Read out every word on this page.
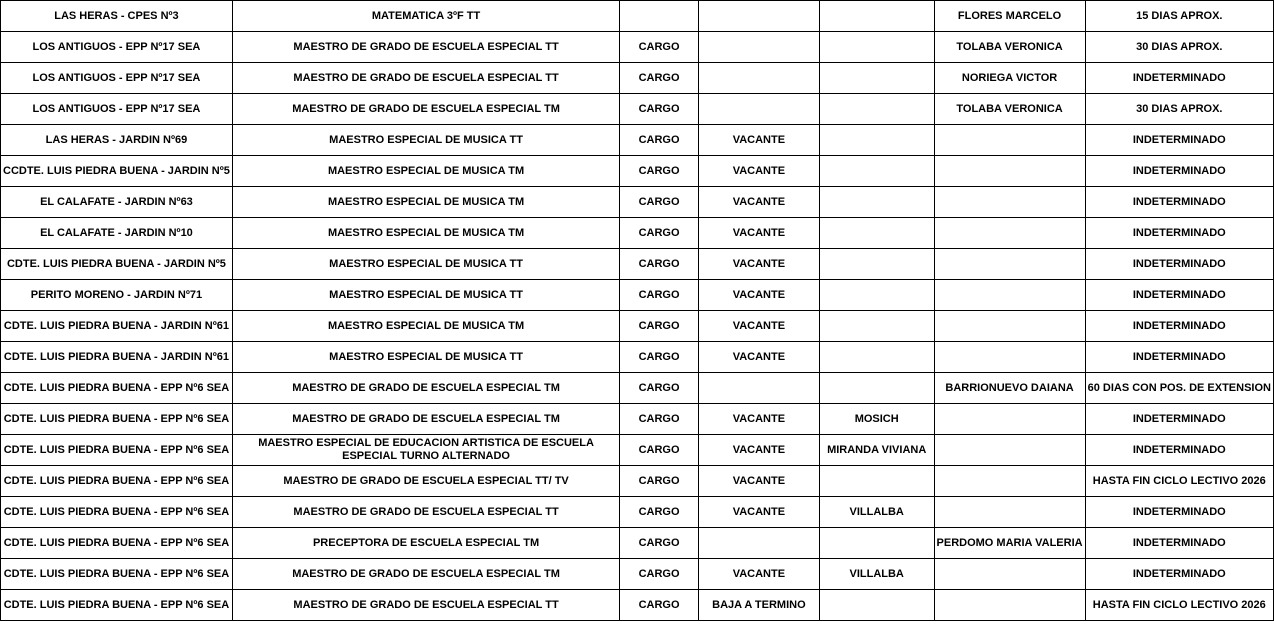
LAS HERAS - CPES Nº3	MATEMATICA 3ºF TT				FLORES MARCELO	15 DIAS APROX.
LOS ANTIGUOS - EPP Nº17 SEA	MAESTRO DE GRADO DE ESCUELA ESPECIAL TT	CARGO			TOLABA VERONICA	30 DIAS APROX.
LOS ANTIGUOS - EPP Nº17 SEA	MAESTRO DE GRADO DE ESCUELA ESPECIAL TT	CARGO			NORIEGA VICTOR	INDETERMINADO
LOS ANTIGUOS - EPP Nº17 SEA	MAESTRO DE GRADO DE ESCUELA ESPECIAL TM	CARGO			TOLABA VERONICA	30 DIAS APROX.
LAS HERAS - JARDIN Nº69	MAESTRO ESPECIAL DE MUSICA TT	CARGO	VACANTE			INDETERMINADO
CCDTE. LUIS PIEDRA BUENA - JARDIN Nº5	MAESTRO ESPECIAL DE MUSICA TM	CARGO	VACANTE			INDETERMINADO
EL CALAFATE - JARDIN Nº63	MAESTRO ESPECIAL DE MUSICA TM	CARGO	VACANTE			INDETERMINADO
EL CALAFATE - JARDIN Nº10	MAESTRO ESPECIAL DE MUSICA TM	CARGO	VACANTE			INDETERMINADO
CDTE. LUIS PIEDRA BUENA - JARDIN Nº5	MAESTRO ESPECIAL DE MUSICA TT	CARGO	VACANTE			INDETERMINADO
PERITO MORENO - JARDIN Nº71	MAESTRO ESPECIAL DE MUSICA TT	CARGO	VACANTE			INDETERMINADO
CDTE. LUIS PIEDRA BUENA - JARDIN Nº61	MAESTRO ESPECIAL DE MUSICA TM	CARGO	VACANTE			INDETERMINADO
CDTE. LUIS PIEDRA BUENA - JARDIN Nº61	MAESTRO ESPECIAL DE MUSICA TT	CARGO	VACANTE			INDETERMINADO
CDTE. LUIS PIEDRA BUENA - EPP Nº6 SEA	MAESTRO DE GRADO DE ESCUELA ESPECIAL TM	CARGO			BARRIONUEVO DAIANA	60 DIAS CON POS. DE EXTENSION
CDTE. LUIS PIEDRA BUENA - EPP Nº6 SEA	MAESTRO DE GRADO DE ESCUELA ESPECIAL TM	CARGO	VACANTE	MOSICH		INDETERMINADO
CDTE. LUIS PIEDRA BUENA - EPP Nº6 SEA	MAESTRO ESPECIAL DE EDUCACION ARTISTICA DE ESCUELA ESPECIAL TURNO ALTERNADO	CARGO	VACANTE	MIRANDA VIVIANA		INDETERMINADO
CDTE. LUIS PIEDRA BUENA - EPP Nº6 SEA	MAESTRO DE GRADO DE ESCUELA ESPECIAL TT/ TV	CARGO	VACANTE			HASTA FIN CICLO LECTIVO 2026
CDTE. LUIS PIEDRA BUENA - EPP Nº6 SEA	MAESTRO DE GRADO DE ESCUELA ESPECIAL TT	CARGO	VACANTE	VILLALBA		INDETERMINADO
CDTE. LUIS PIEDRA BUENA - EPP Nº6 SEA	PRECEPTORA DE ESCUELA ESPECIAL TM	CARGO			PERDOMO MARIA VALERIA	INDETERMINADO
CDTE. LUIS PIEDRA BUENA - EPP Nº6 SEA	MAESTRO DE GRADO DE ESCUELA ESPECIAL TM	CARGO	VACANTE	VILLALBA		INDETERMINADO
CDTE. LUIS PIEDRA BUENA - EPP Nº6 SEA	MAESTRO DE GRADO DE ESCUELA ESPECIAL TT	CARGO	BAJA A TERMINO			HASTA FIN CICLO LECTIVO 2026
